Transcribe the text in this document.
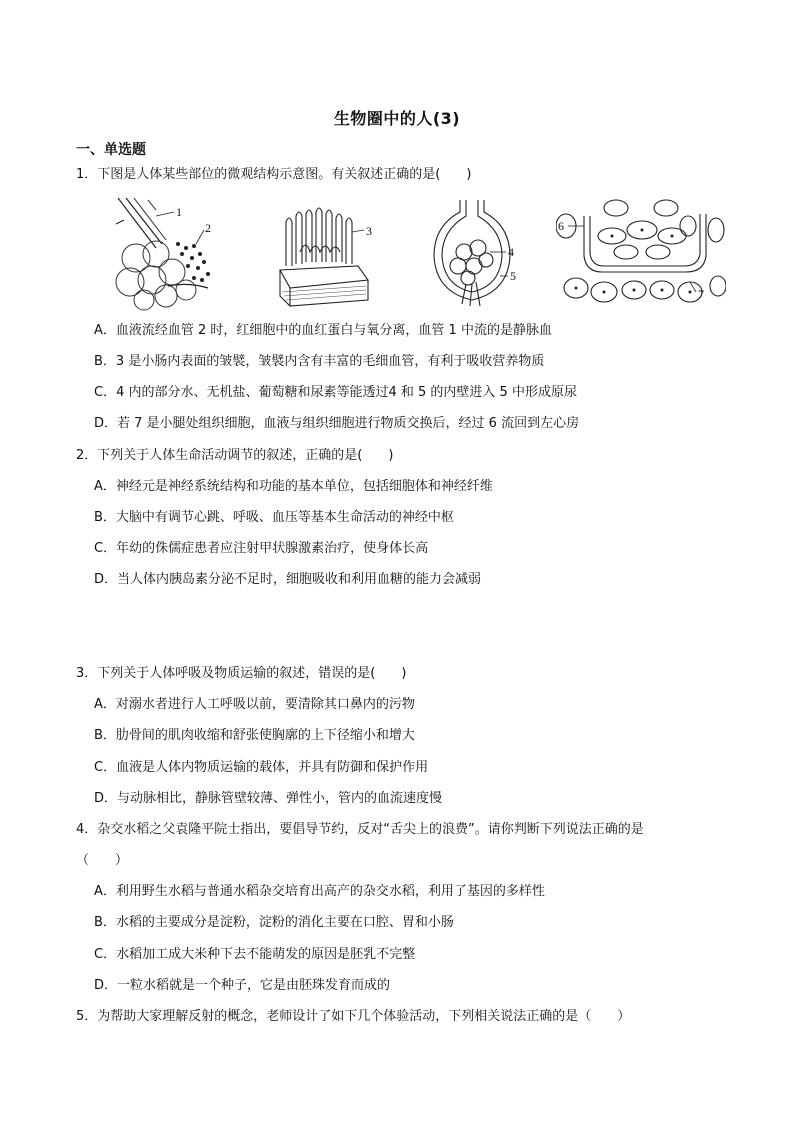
生物圈中的人(3)
一、单选题
1．下图是人体某些部位的微观结构示意图。有关叙述正确的是(　　)
1
2	3
4
5
6
7
A．血液流经血管 2 时，红细胞中的血红蛋白与氧分离，血管 1 中流的是静脉血
B．3 是小肠内表面的皱襞，皱襞内含有丰富的毛细血管，有利于吸收营养物质
C．4 内的部分水、无机盐、葡萄糖和尿素等能透过4 和 5 的内壁进入 5 中形成原尿
D．若 7 是小腿处组织细胞，血液与组织细胞进行物质交换后，经过 6 流回到左心房
2．下列关于人体生命活动调节的叙述，正确的是(　　)
A．神经元是神经系统结构和功能的基本单位，包括细胞体和神经纤维
B．大脑中有调节心跳、呼吸、血压等基本生命活动的神经中枢
C．年幼的侏儒症患者应注射甲状腺激素治疗，使身体长高
D．当人体内胰岛素分泌不足时，细胞吸收和利用血糖的能力会减弱
3．下列关于人体呼吸及物质运输的叙述，错误的是(　　)
A．对溺水者进行人工呼吸以前，要清除其口鼻内的污物
B．肋骨间的肌肉收缩和舒张使胸廓的上下径缩小和增大
C．血液是人体内物质运输的载体，并具有防御和保护作用
D．与动脉相比，静脉管壁较薄、弹性小，管内的血流速度慢
4．杂交水稻之父袁隆平院士指出，要倡导节约，反对“舌尖上的浪费”。请你判断下列说法正确的是
（　　）
A．利用野生水稻与普通水稻杂交培育出高产的杂交水稻，利用了基因的多样性
B．水稻的主要成分是淀粉，淀粉的消化主要在口腔、胃和小肠
C．水稻加工成大米种下去不能萌发的原因是胚乳不完整
D．一粒水稻就是一个种子，它是由胚珠发育而成的
5．为帮助大家理解反射的概念，老师设计了如下几个体验活动，下列相关说法正确的是（　　）
